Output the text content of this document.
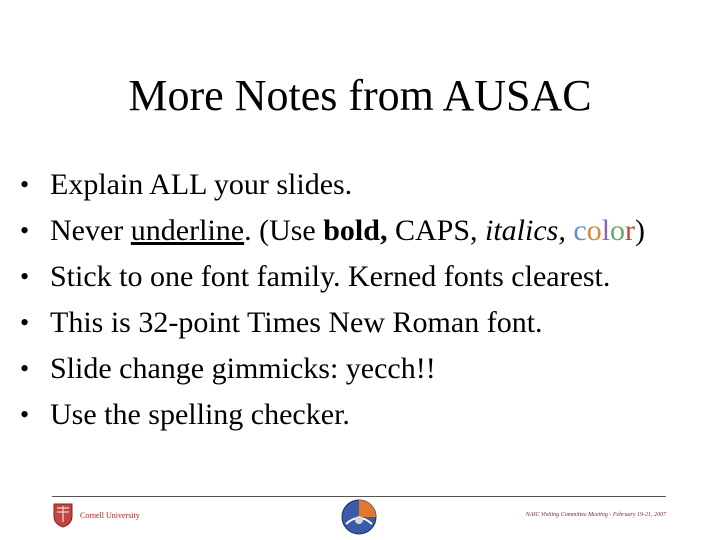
More Notes from AUSAC
• Explain ALL your slides.
• Never underline. (Use bold, CAPS, italics, color)
• Stick to one font family. Kerned fonts clearest.
• This is 32-point Times New Roman font.
• Slide change gimmicks: yecch!!
• Use the spelling checker.
Cornell University	NAIC Visiting Committee Meeting - February 19-21, 2007
